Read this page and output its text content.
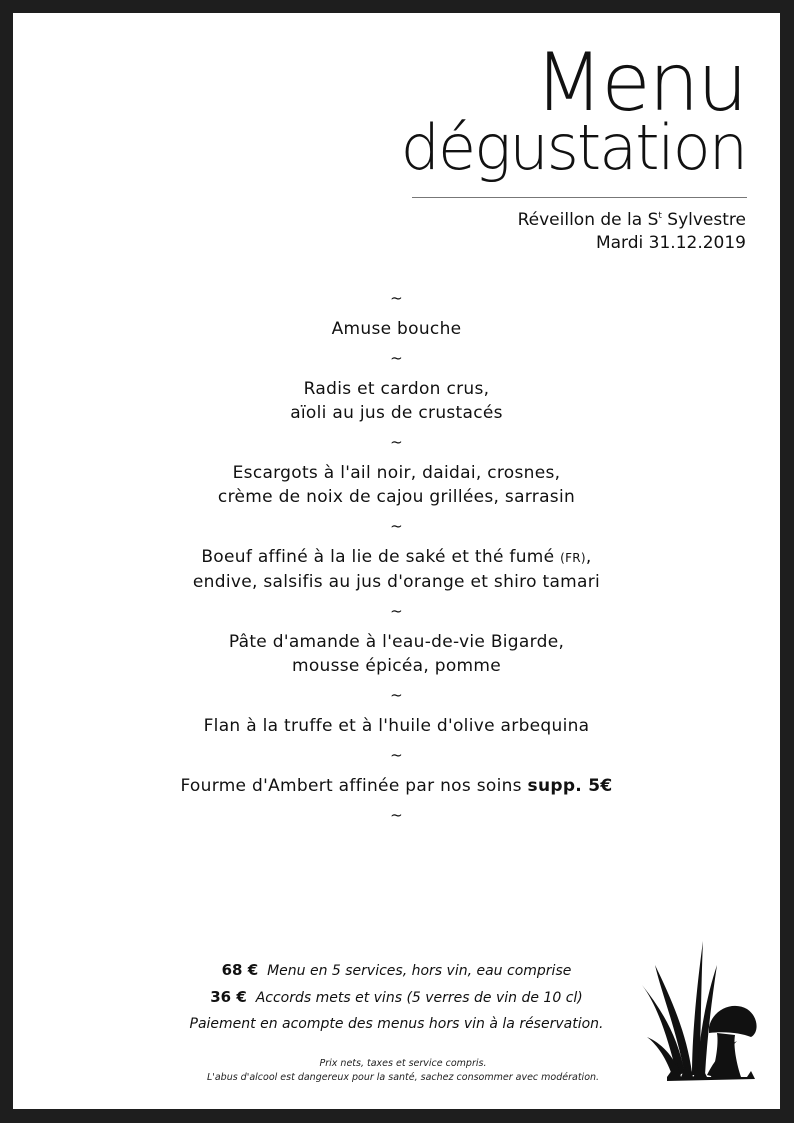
Menu
dégustation
Réveillon de la $S^t$ Sylvestre
Mardi 31.12.2019
~
Amuse bouche
~
Radis et cardon crus,
aïoli au jus de crustacés
~
Escargots à l'ail noir, daidai, crosnes,
crème de noix de cajou grillées, sarrasin
~
Boeuf affiné à la lie de saké et thé fumé (FR),
endive, salsifis au jus d'orange et shiro tamari
~
Pâte d'amande à l'eau-de-vie Bigarde,
mousse épicéa, pomme
~
Flan à la truffe et à l'huile d'olive arbequina
~
Fourme d'Ambert affinée par nos soins supp. 5€
~
68 € Menu en 5 services, hors vin, eau comprise
36 € Accords mets et vins (5 verres de vin de 10 cl)
Paiement en acompte des menus hors vin à la réservation.
Prix nets, taxes et service compris.
L'abus d'alcool est dangereux pour la santé, sachez consommer avec modération.
